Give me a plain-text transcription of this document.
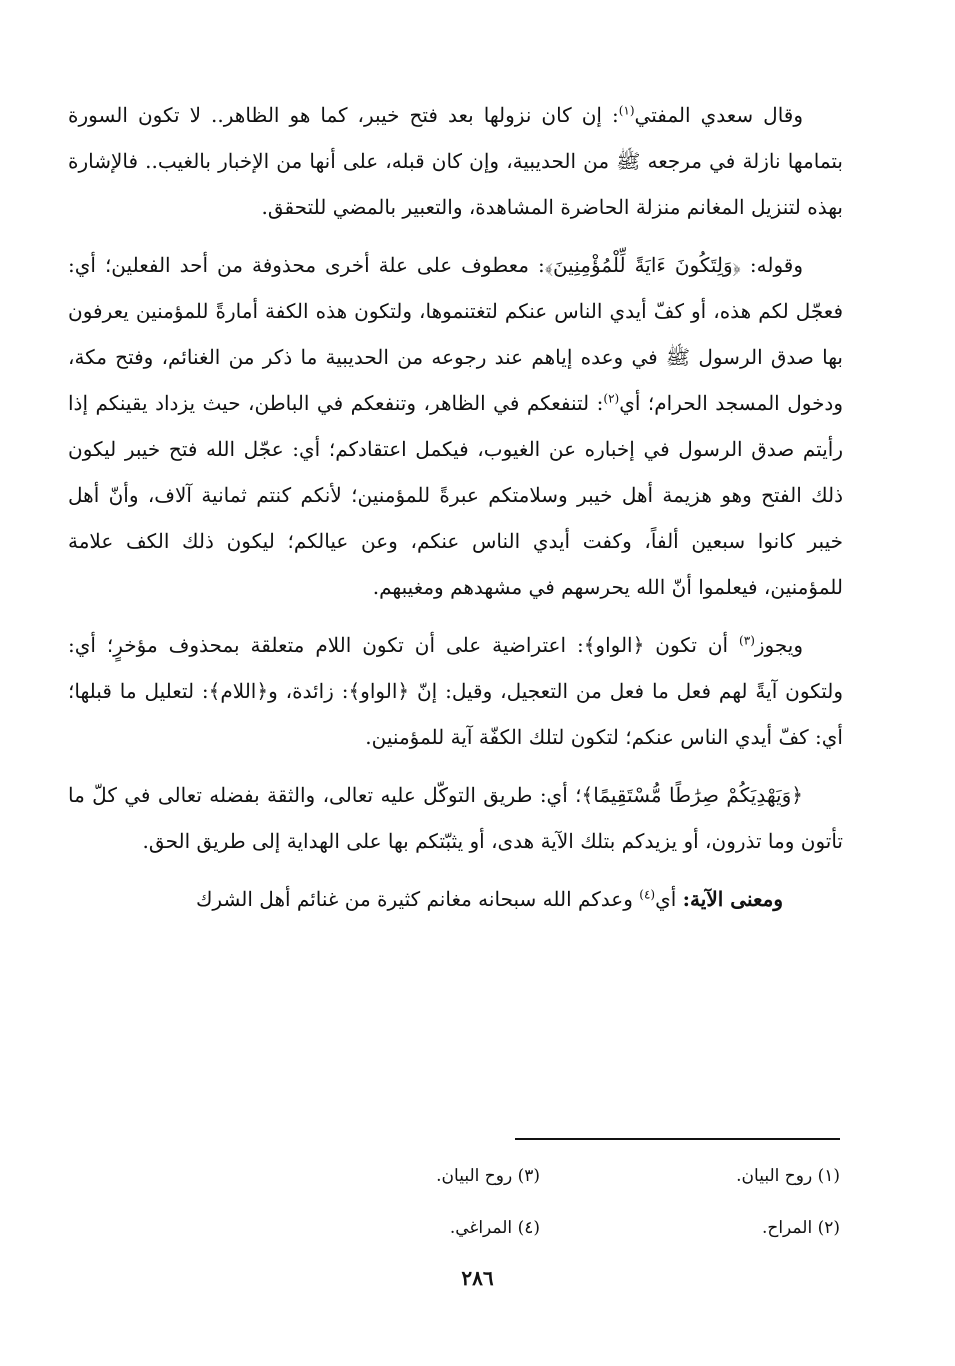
وقال سعدي المفتي$^{(١)}$: إن كان نزولها بعد فتح خيبر، كما هو الظاهر.. لا تكون السورة بتمامها نازلة في مرجعه ﷺ من الحديبية، وإن كان قبله، على أنها من الإخبار بالغيب.. فالإشارة بهذه لتنزيل المغانم منزلة الحاضرة المشاهدة، والتعبير بالمضي للتحقق.

وقوله: ﴿وَلِتَكُونَ ءَايَةً لِّلْمُؤْمِنِينَ﴾: معطوف على علة أخرى محذوفة من أحد الفعلين؛ أي: فعجّل لكم هذه، أو كفّ أيدي الناس عنكم لتغتنموها، ولتكون هذه الكفة أمارةً للمؤمنين يعرفون بها صدق الرسول ﷺ في وعده إياهم عند رجوعه من الحديبية ما ذكر من الغنائم، وفتح مكة، ودخول المسجد الحرام؛ أي$^{(٢)}$: لتنفعكم في الظاهر، وتنفعكم في الباطن، حيث يزداد يقينكم إذا رأيتم صدق الرسول في إخباره عن الغيوب، فيكمل اعتقادكم؛ أي: عجّل الله فتح خيبر ليكون ذلك الفتح وهو هزيمة أهل خيبر وسلامتكم عبرةً للمؤمنين؛ لأنكم كنتم ثمانية آلاف، وأنّ أهل خيبر كانوا سبعين ألفاً، وكفت أيدي الناس عنكم، وعن عيالكم؛ ليكون ذلك الكف علامة للمؤمنين، فيعلموا أنّ الله يحرسهم في مشهدهم ومغيبهم.

ويجوز$^{(٣)}$ أن تكون ﴿الواو﴾: اعتراضية على أن تكون اللام متعلقة بمحذوف مؤخرٍ؛ أي: ولتكون آيةً لهم فعل ما فعل من التعجيل، وقيل: إنّ ﴿الواو﴾: زائدة، و﴿اللام﴾: لتعليل ما قبلها؛ أي: كفّ أيدي الناس عنكم؛ لتكون لتلك الكفّة آية للمؤمنين.

﴿وَيَهْدِيَكُمْ صِرَٰطًا مُّسْتَقِيمًا﴾؛ أي: طريق التوكّل عليه تعالى، والثقة بفضله تعالى في كلّ ما تأتون وما تذرون، أو يزيدكم بتلك الآية هدى، أو يثبّتكم بها على الهداية إلى طريق الحق.

ومعنى الآية: أي$^{(٤)}$ وعدكم الله سبحانه مغانم كثيرة من غنائم أهل الشرك

(١) روح البيان.
(٣) روح البيان.
(٢) المراح.
(٤) المراغي.
٢٨٦
